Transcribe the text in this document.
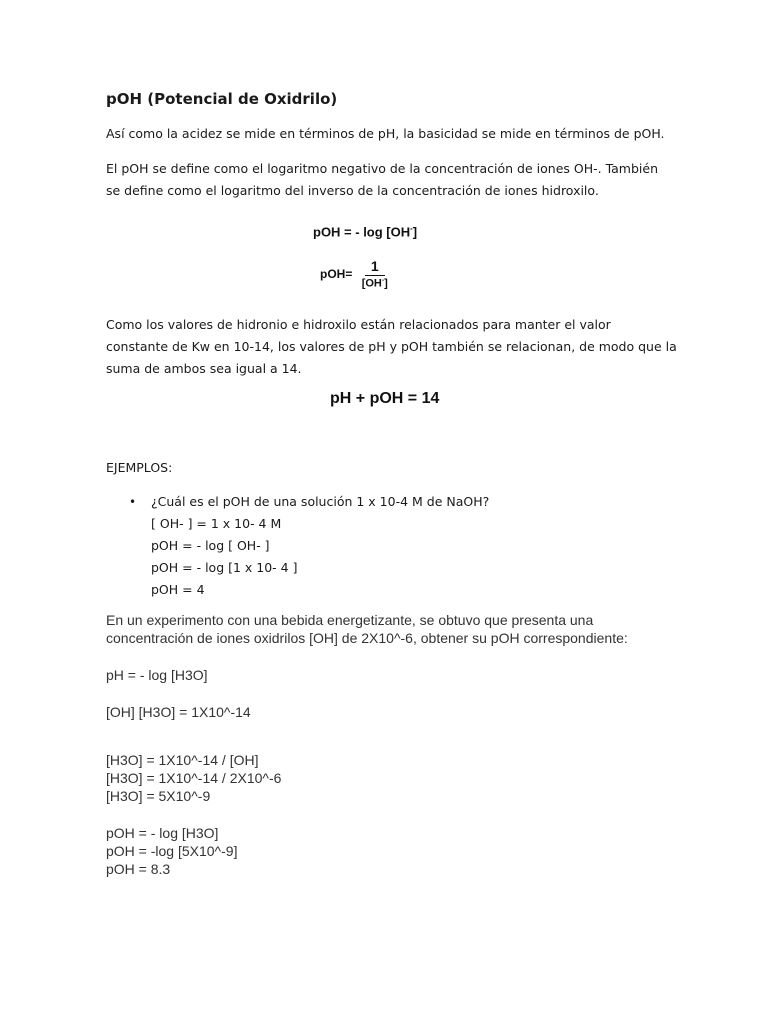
pOH (Potencial de Oxidrilo)
Así como la acidez se mide en términos de pH, la basicidad se mide en términos de pOH.
El pOH se define como el logaritmo negativo de la concentración de iones OH-. También
se define como el logaritmo del inverso de la concentración de iones hidroxilo.
pOH = - log [OH-]
$pOH= \frac{1}{[OH^-]}$
Como los valores de hidronio e hidroxilo están relacionados para manter el valor
constante de Kw en 10-14, los valores de pH y pOH también se relacionan, de modo que la
suma de ambos sea igual a 14.
pH + pOH = 14
EJEMPLOS:
• ¿Cuál es el pOH de una solución 1 x 10-4 M de NaOH?
[ OH- ] = 1 x 10- 4 M
pOH = - log [ OH- ]
pOH = - log [1 x 10- 4 ]
pOH = 4
En un experimento con una bebida energetizante, se obtuvo que presenta una
concentración de iones oxidrilos [OH] de 2X10^-6, obtener su pOH correspondiente:
pH = - log [H3O]
[OH] [H3O] = 1X10^-14
[H3O] = 1X10^-14 / [OH]
[H3O] = 1X10^-14 / 2X10^-6
[H3O] = 5X10^-9
pOH = - log [H3O]
pOH = -log [5X10^-9]
pOH = 8.3
